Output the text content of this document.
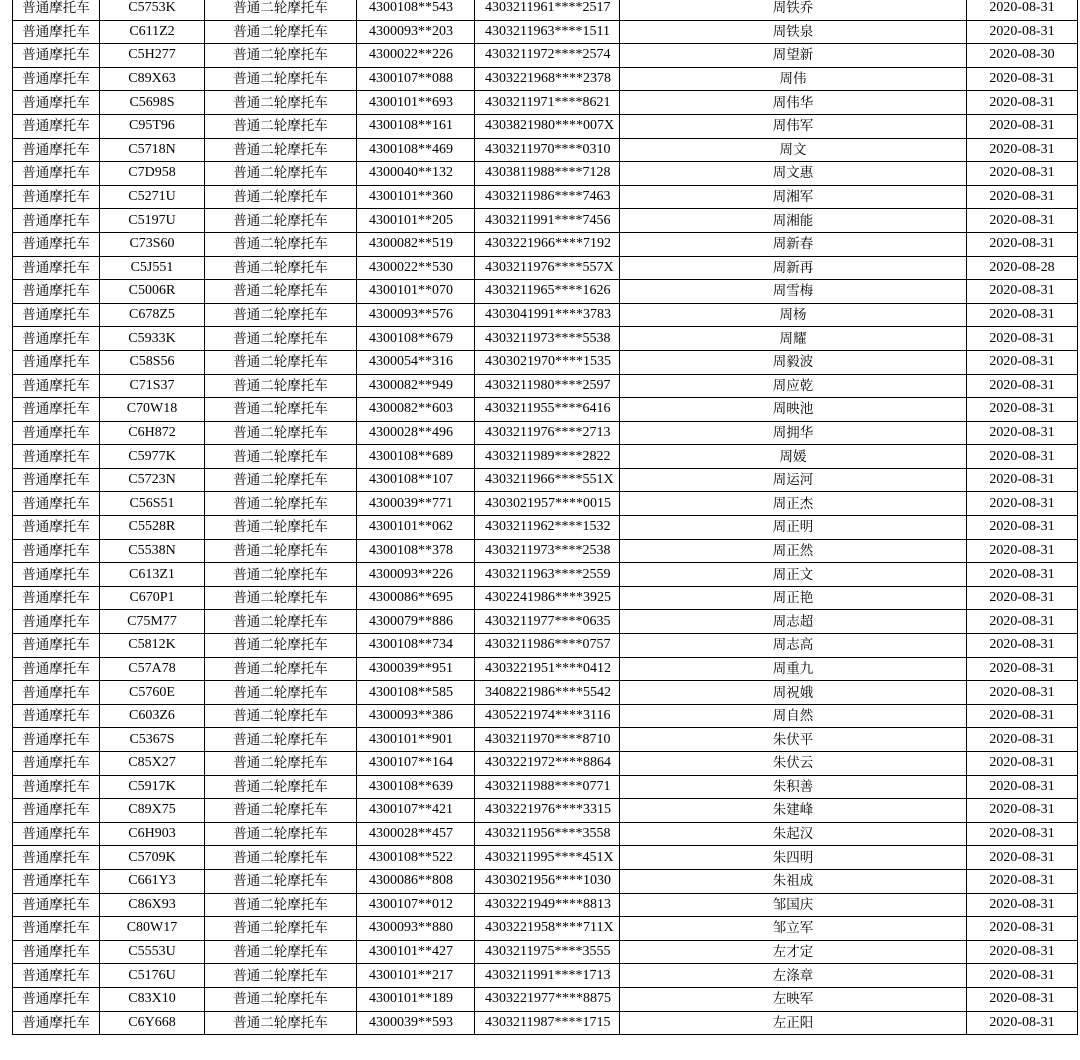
普通摩托车	C5753K	普通二轮摩托车	4300108**543	4303211961****2517	周铁乔	2020-08-31
普通摩托车	C611Z2	普通二轮摩托车	4300093**203	4303211963****1511	周铁泉	2020-08-31
普通摩托车	C5H277	普通二轮摩托车	4300022**226	4303211972****2574	周望新	2020-08-30
普通摩托车	C89X63	普通二轮摩托车	4300107**088	4303221968****2378	周伟	2020-08-31
普通摩托车	C5698S	普通二轮摩托车	4300101**693	4303211971****8621	周伟华	2020-08-31
普通摩托车	C95T96	普通二轮摩托车	4300108**161	4303821980****007X	周伟军	2020-08-31
普通摩托车	C5718N	普通二轮摩托车	4300108**469	4303211970****0310	周文	2020-08-31
普通摩托车	C7D958	普通二轮摩托车	4300040**132	4303811988****7128	周文惠	2020-08-31
普通摩托车	C5271U	普通二轮摩托车	4300101**360	4303211986****7463	周湘军	2020-08-31
普通摩托车	C5197U	普通二轮摩托车	4300101**205	4303211991****7456	周湘能	2020-08-31
普通摩托车	C73S60	普通二轮摩托车	4300082**519	4303221966****7192	周新春	2020-08-31
普通摩托车	C5J551	普通二轮摩托车	4300022**530	4303211976****557X	周新再	2020-08-28
普通摩托车	C5006R	普通二轮摩托车	4300101**070	4303211965****1626	周雪梅	2020-08-31
普通摩托车	C678Z5	普通二轮摩托车	4300093**576	4303041991****3783	周杨	2020-08-31
普通摩托车	C5933K	普通二轮摩托车	4300108**679	4303211973****5538	周耀	2020-08-31
普通摩托车	C58S56	普通二轮摩托车	4300054**316	4303021970****1535	周毅波	2020-08-31
普通摩托车	C71S37	普通二轮摩托车	4300082**949	4303211980****2597	周应乾	2020-08-31
普通摩托车	C70W18	普通二轮摩托车	4300082**603	4303211955****6416	周映池	2020-08-31
普通摩托车	C6H872	普通二轮摩托车	4300028**496	4303211976****2713	周拥华	2020-08-31
普通摩托车	C5977K	普通二轮摩托车	4300108**689	4303211989****2822	周媛	2020-08-31
普通摩托车	C5723N	普通二轮摩托车	4300108**107	4303211966****551X	周运河	2020-08-31
普通摩托车	C56S51	普通二轮摩托车	4300039**771	4303021957****0015	周正杰	2020-08-31
普通摩托车	C5528R	普通二轮摩托车	4300101**062	4303211962****1532	周正明	2020-08-31
普通摩托车	C5538N	普通二轮摩托车	4300108**378	4303211973****2538	周正然	2020-08-31
普通摩托车	C613Z1	普通二轮摩托车	4300093**226	4303211963****2559	周正文	2020-08-31
普通摩托车	C670P1	普通二轮摩托车	4300086**695	4302241986****3925	周正艳	2020-08-31
普通摩托车	C75M77	普通二轮摩托车	4300079**886	4303211977****0635	周志超	2020-08-31
普通摩托车	C5812K	普通二轮摩托车	4300108**734	4303211986****0757	周志高	2020-08-31
普通摩托车	C57A78	普通二轮摩托车	4300039**951	4303221951****0412	周重九	2020-08-31
普通摩托车	C5760E	普通二轮摩托车	4300108**585	3408221986****5542	周祝娥	2020-08-31
普通摩托车	C603Z6	普通二轮摩托车	4300093**386	4305221974****3116	周自然	2020-08-31
普通摩托车	C5367S	普通二轮摩托车	4300101**901	4303211970****8710	朱伏平	2020-08-31
普通摩托车	C85X27	普通二轮摩托车	4300107**164	4303221972****8864	朱伏云	2020-08-31
普通摩托车	C5917K	普通二轮摩托车	4300108**639	4303211988****0771	朱积善	2020-08-31
普通摩托车	C89X75	普通二轮摩托车	4300107**421	4303221976****3315	朱建峰	2020-08-31
普通摩托车	C6H903	普通二轮摩托车	4300028**457	4303211956****3558	朱起汉	2020-08-31
普通摩托车	C5709K	普通二轮摩托车	4300108**522	4303211995****451X	朱四明	2020-08-31
普通摩托车	C661Y3	普通二轮摩托车	4300086**808	4303021956****1030	朱祖成	2020-08-31
普通摩托车	C86X93	普通二轮摩托车	4300107**012	4303221949****8813	邹国庆	2020-08-31
普通摩托车	C80W17	普通二轮摩托车	4300093**880	4303221958****711X	邹立军	2020-08-31
普通摩托车	C5553U	普通二轮摩托车	4300101**427	4303211975****3555	左才定	2020-08-31
普通摩托车	C5176U	普通二轮摩托车	4300101**217	4303211991****1713	左涤章	2020-08-31
普通摩托车	C83X10	普通二轮摩托车	4300101**189	4303221977****8875	左映军	2020-08-31
普通摩托车	C6Y668	普通二轮摩托车	4300039**593	4303211987****1715	左正阳	2020-08-31
